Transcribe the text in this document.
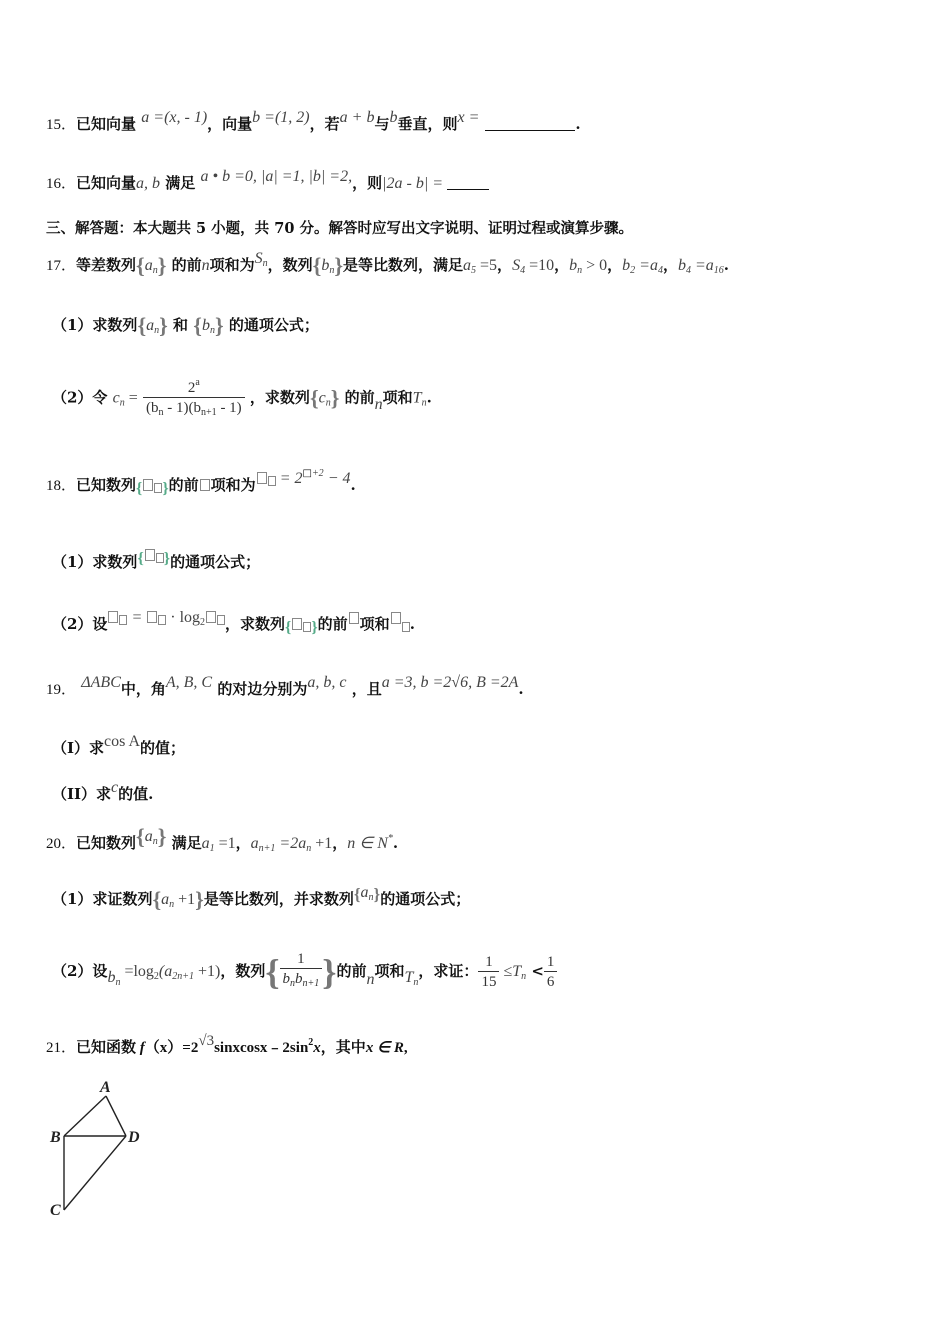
15．已知向量 a =(x, - 1)，向量b =(1, 2)，若a + b与b垂直，则x =	.
16．已知向量a, b 满足 a • b =0, |a| =1, |b| =2,，则|2a - b| =
三、解答题：本大题共 5 小题，共 70 分。解答时应写出文字说明、证明过程或演算步骤。
17．等差数列$\{a_n\}$ 的前n项和为$S^n$，数列$\{b_n\}$是等比数列，满足$a_5 =5$，$S_4 =10$，$b_n > 0$，$b_2 =a_4$，$b_4 =a_{16}$.
（1）求数列$\{a_n\}$ 和 $\{b_n\}$ 的通项公式；
（2）令 $c_n = \frac{2^a}{(b_n - 1)(b_{n+1} - 1)}$ ，求数列$\{c_n\}$ 的前n项和$T_n$.
18．已知数列{ }的前 项和为 = $2^{□+2} - 4$.
（1）求数列{ }的通项公式；
（2）设 =  · $\log_2$ ，求数列{ }的前 项和 .
19． ΔABC中，角A, B, C 的对边分别为a, b, c ，且a =3, b =2√6, B =2A.
（I）求cos A的值；
（II）求c的值.
20．已知数列$\{a_n\}$ 满足$a_1 =1$，$a_{n+1} =2a_n +1$，n ∈ N*.
（1）求证数列$\{a_n +1\}$是等比数列，并求数列$\{a_n\}$的通项公式；
（2）设$b_n =\log_2(a_{2n+1} +1)$，数列{ $\frac{1}{b_nb_{n+1}}$ }的前n项和$T_n$，求证： $\frac{1}{15} \le T_n < \frac{1}{6}$
21．已知函数 $f(x)=2√3sinxcosx﹣2\sin^2x$，其中x ∈ R,
A
B	D
C
